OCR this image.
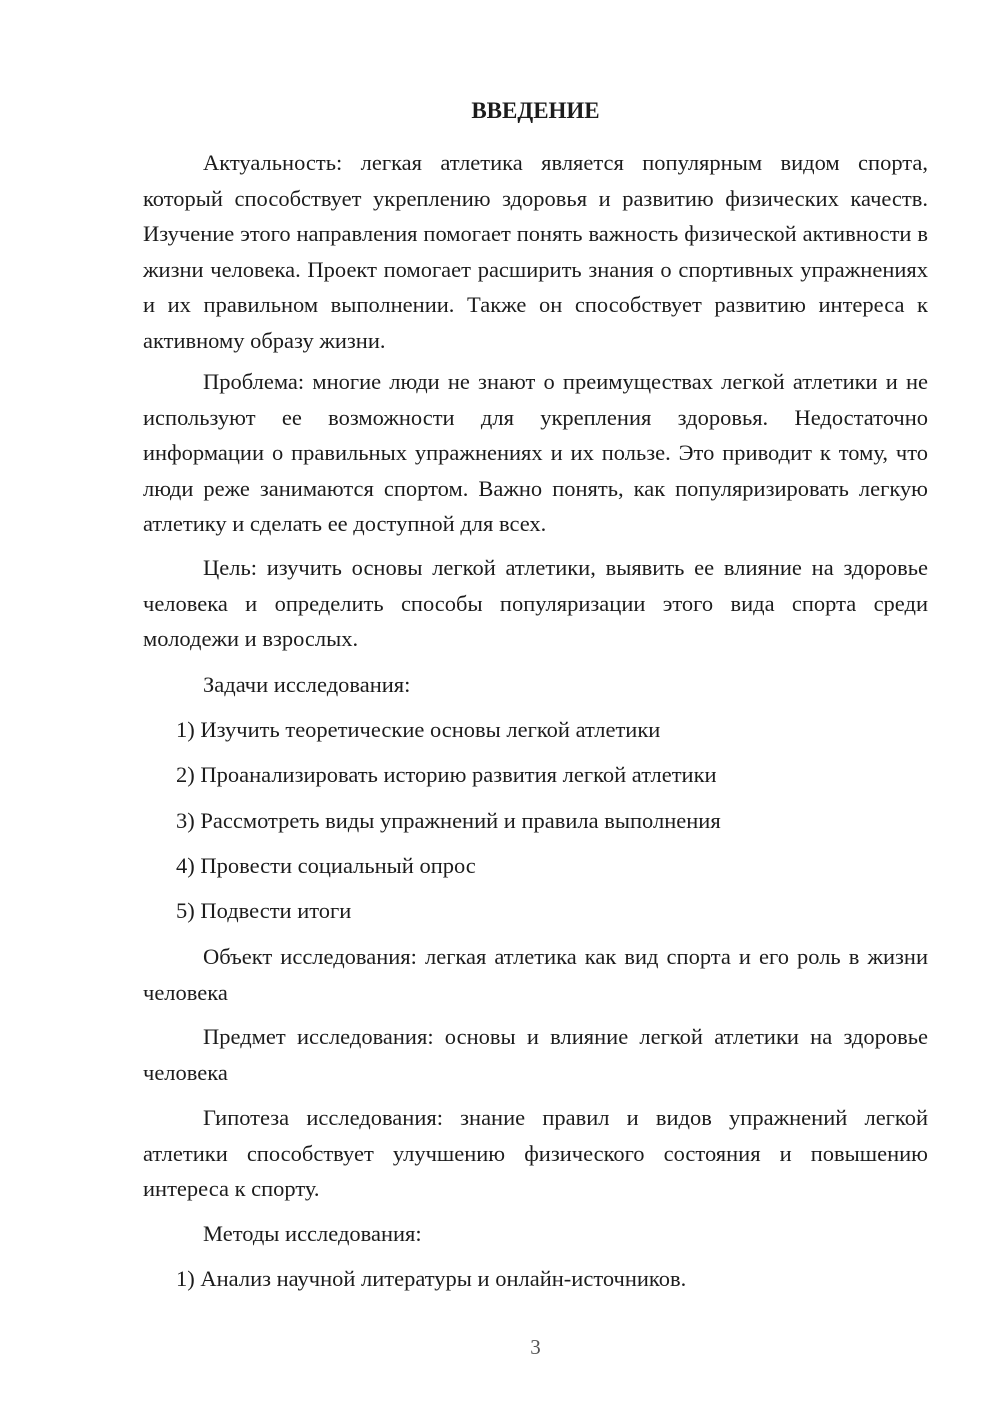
ВВЕДЕНИЕ

Актуальность: легкая атлетика является популярным видом спорта, который способствует укреплению здоровья и развитию физических качеств. Изучение этого направления помогает понять важность физической активности в жизни человека. Проект помогает расширить знания о спортивных упражнениях и их правильном выполнении. Также он способствует развитию интереса к активному образу жизни.

Проблема: многие люди не знают о преимуществах легкой атлетики и не используют ее возможности для укрепления здоровья. Недостаточно информации о правильных упражнениях и их пользе. Это приводит к тому, что люди реже занимаются спортом. Важно понять, как популяризировать легкую атлетику и сделать ее доступной для всех.

Цель: изучить основы легкой атлетики, выявить ее влияние на здоровье человека и определить способы популяризации этого вида спорта среди молодежи и взрослых.

Задачи исследования:

1) Изучить теоретические основы легкой атлетики

2) Проанализировать историю развития легкой атлетики

3) Рассмотреть виды упражнений и правила выполнения

4) Провести социальный опрос

5) Подвести итоги

Объект исследования: легкая атлетика как вид спорта и его роль в жизни человека

Предмет исследования: основы и влияние легкой атлетики на здоровье человека

Гипотеза исследования: знание правил и видов упражнений легкой атлетики способствует улучшению физического состояния и повышению интереса к спорту.

Методы исследования:

1) Анализ научной литературы и онлайн-источников.

3
